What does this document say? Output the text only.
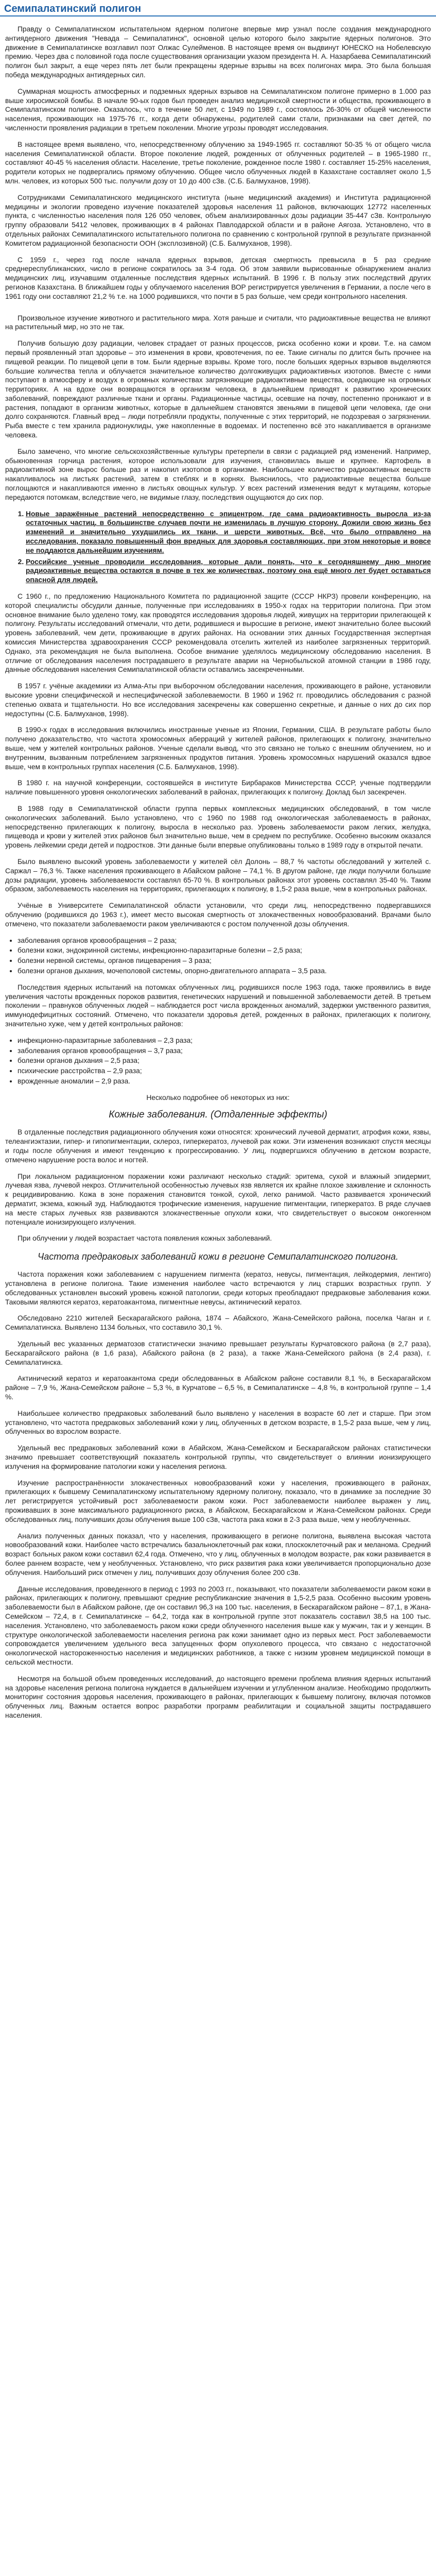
Семипалатинский полигон

Правду о Семипалатинском испытательном ядерном полигоне впервые мир узнал после создания международного антиядерного движения "Невада – Семипалатинск", основной целью которого было закрытие ядерных полигонов. Это движение в Семипалатинске возглавил поэт Олжас Сулейменов. В настоящее время он выдвинут ЮНЕСКО на Нобелевскую премию. Через два с половиной года после существования организации указом президента Н. А. Назарбаева Семипалатинский полигон был закрыт, а еще через пять лет были прекращены ядерные взрывы на всех полигонах мира. Это была большая победа международных антиядерных сил.

Суммарная мощность атмосферных и подземных ядерных взрывов на Семипалатинском полигоне примерно в 1.000 раз выше хиросимской бомбы. В начале 90-ых годов был проведен анализ медицинской смертности и общества, проживающего в Семипалатинском полигоне. Оказалось, что в течение 50 лет, с 1949 по 1989 г., состоялось 26-30% от общей численности населения, проживающих на 1975-76 гг., когда дети обнаружены, родителей сами стали, признаками на свет детей, по численности проявления радиации в третьем поколении. Многие угрозы проводят исследования.

В настоящее время выявлено, что, непосредственному облучению за 1949-1965 гг. составляют 50-35 % от общего числа населения Семипалатинской области. Второе поколение людей, рожденных от облученных родителей – в 1965-1980 гг., составляют 40-45 % населения области. Население, третье поколение, рожденное после 1980 г. составляет 15-25% населения, родители которых не подвергались прямому облучению. Общее число облученных людей в Казахстане составляет около 1,5 млн. человек, из которых 500 тыс. получили дозу от 10 до 400 сЗв. (С.Б. Балмуханов, 1998).

Сотрудниками Семипалатинского медицинского института (ныне медицинский академия) и Института радиационной медицины и экологии проведено изучение показателей здоровья населения 11 районов, включающих 12772 населенных пункта, с численностью населения поля 126 050 человек, объем анализированных дозы радиации 35-447 сЗв. Контрольную группу образовали 5412 человек, проживающих в 4 районах Павлодарской области и в районе Аягоза. Установлено, что в отдельных районах Семипалатинского испытательного полигона по сравнению с контрольной группой в результате признанной Комитетом радиационной безопасности ООН (эксплозивной) (С.Б. Балмуханов, 1998).

С 1959 г., через год после начала ядерных взрывов, детская смертность превысила в 5 раз средние среднереспубликанских, число в регионе сократилось за 3-4 года. Об этом заявили вырисованные обнаружением анализ медицинских лиц, изучавшим отдаленные последствия ядерных испытаний. В 1996 г. В пользу этих последствий других регионов Казахстана. В ближайшем годы у облучаемого населения ВОР регистрируется увеличения в Германии, а после чего в 1961 году они составляют 21,2 % т.е. на 1000 родившихся, что почти в 5 раз больше, чем среди контрольного населения.

Произвольное изучение животного и растительного мира. Хотя раньше и считали, что радиоактивные вещества не влияют на растительный мир, но это не так.

Получив большую дозу радиации, человек страдает от разных процессов, риска особенно кожи и крови. Т.е. на самом первый проявленный этап здоровье – это изменения в крови, кровотечения, по ее. Такие сигналы по длится быть прочнее на пищевой реакции. По пищевой цепи в том. Были ядерные взрывы. Кроме того, после больших ядерных взрывов выделяются большие количества тепла и облучается значительное количество долгоживущих радиоактивных изотопов. Вместе с ними поступают в атмосферу и воздух в огромных количествах загрязняющие радиоактивные вещества, оседающие на огромных территориях. А на вдохе они возвращаются в организм человека, в дальнейшем приводят к развитию хронических заболеваний, повреждают различные ткани и органы. Радиационные частицы, осевшие на почву, постепенно проникают и в растения, попадают в организм животных, которые в дальнейшем становятся звеньями в пищевой цепи человека, где они долго сохраняются. Главный вред – люди потребляли продукты, полученные с этих территорий, не подозревая о загрязнении. Рыба вместе с тем хранила радионуклиды, уже накопленные в водоемах. И постепенно всё это накапливается в организме человека.

Было замечено, что многие сельскохозяйственные культуры претерпели в связи с радиацией ряд изменений. Например, обыкновенная горчица растения, которое использовали для изучения, становилась выше и крупнее. Картофель в радиоактивной зоне вырос больше раз и накопил изотопов в организме. Наибольшее количество радиоактивных веществ накапливалось на листьях растений, затем в стеблях и в корнях. Выяснилось, что радиоактивные вещества больше поглощаются и накапливаются именно в листьях овощных культур. У всех растений изменения ведут к мутациям, которые передаются потомкам, вследствие чего, не видимые глазу, последствия ощущаются до сих пор.

1. Новые заражённые растений непосредственно с эпицентром, где сама радиоактивность выросла из-за остаточных частиц, в большинстве случаев почти не изменилась в лучшую сторону. Дожили свою жизнь без изменений и значительно ухудшились их ткани, и шерсти животных. Всё, что было отправлено на исследования, показало повышенный фон вредных для здоровья составляющих, при этом некоторые и вовсе не поддаются дальнейшим изучениям.
2. Российские ученые проводили исследования, которые дали понять, что к сегодняшнему дню многие радиоактивные вещества остаются в почве в тех же количествах, поэтому она ещё много лет будет оставаться опасной для людей.

С 1960 г., по предложению Национального Комитета по радиационной защите (СССР НКРЗ) провели конференцию, на которой специалисты обсудили данные, полученные при исследованиях в 1950-х годах на территории полигона. При этом основное внимание было уделено тому, как проводятся исследования здоровья людей, живущих на территории прилегающей к полигону. Результаты исследований отмечали, что дети, родившиеся и выросшие в регионе, имеют значительно более высокий уровень заболеваний, чем дети, проживающие в других районах. На основании этих данных Государственная экспертная комиссия Министерства здравоохранения СССР рекомендовала отселить жителей из наиболее загрязненных территорий. Однако, эта рекомендация не была выполнена. Особое внимание уделялось медицинскому обследованию населения. В отличие от обследования населения пострадавшего в результате аварии на Чернобыльской атомной станции в 1986 году, данные обследования населения Семипалатинской области оставались засекреченными.

В 1957 г. учёные академики из Алма-Аты при выборочном обследовании населения, проживающего в районе, установили высокие уровни специфической и неспецифической заболеваемости. В 1960 и 1962 гг. проводились обследования с разной степенью охвата и тщательности. Но все исследования засекречены как совершенно секретные, и данные о них до сих пор недоступны (С.Б. Балмуханов, 1998).

В 1990-х годах в исследования включились иностранные ученые из Японии, Германии, США. В результате работы было получено доказательство, что частота хромосомных аберраций у жителей районов, прилегающих к полигону, значительно выше, чем у жителей контрольных районов. Ученые сделали вывод, что это связано не только с внешним облучением, но и внутренним, вызванным потреблением загрязненных продуктов питания. Уровень хромосомных нарушений оказался вдвое выше, чем в контрольных группах населения (С.Б. Балмуханов, 1998).

В 1980 г. на научной конференции, состоявшейся в институте Бирбараков Министерства СССР, ученые подтвердили наличие повышенного уровня онкологических заболеваний в районах, прилегающих к полигону. Доклад был засекречен.

В 1988 году в Семипалатинской области группа первых комплексных медицинских обследований, в том числе онкологических заболеваний. Было установлено, что с 1960 по 1988 год онкологическая заболеваемость в районах, непосредственно прилегающих к полигону, выросла в несколько раз. Уровень заболеваемости раком легких, желудка, пищевода и крови у жителей этих районов был значительно выше, чем в среднем по республике. Особенно высоким оказался уровень лейкемии среди детей и подростков. Эти данные были впервые опубликованы только в 1989 году в открытой печати.

Было выявлено высокий уровень заболеваемости у жителей сёл Долонь – 88,7 % частоты обследований у жителей с. Саржал – 76,3 %. Также населения проживающего в Абайском районе – 74,1 %. В другом районе, где люди получили большие дозы радиации, уровень заболеваемости составлял 65-70 %. В контрольных районах этот уровень составлял 35-40 %. Таким образом, заболеваемость населения на территориях, прилегающих к полигону, в 1,5-2 раза выше, чем в контрольных районах.

Учёные в Университете Семипалатинской области установили, что среди лиц, непосредственно подвергавшихся облучению (родившихся до 1963 г.), имеет место высокая смертность от злокачественных новообразований. Врачами было отмечено, что показатели заболеваемости раком увеличиваются с ростом полученной дозы облучения.

• заболевания органов кровообращения – 2 раза;
• болезни кожи, эндокринной системы, инфекционно-паразитарные болезни – 2,5 раза;
• болезни нервной системы, органов пищеварения – 3 раза;
• болезни органов дыхания, мочеполовой системы, опорно-двигательного аппарата – 3,5 раза.

Последствия ядерных испытаний на потомках облученных лиц, родившихся после 1963 года, также проявились в виде увеличения частоты врожденных пороков развития, генетических нарушений и повышенной заболеваемости детей. В третьем поколении – правнуков облученных людей – наблюдается рост числа врожденных аномалий, задержки умственного развития, иммунодефицитных состояний. Отмечено, что показатели здоровья детей, рожденных в районах, прилегающих к полигону, значительно хуже, чем у детей контрольных районов:

• инфекционно-паразитарные заболевания – 2,3 раза;
• заболевания органов кровообращения – 3,7 раза;
• болезни органов дыхания – 2,5 раза;
• психические расстройства – 2,9 раза;
• врожденные аномалии – 2,9 раза.

Несколько подробнее об некоторых из них:

Кожные заболевания. (Отдаленные эффекты)

В отдаленные последствия радиационного облучения кожи относятся: хронический лучевой дерматит, атрофия кожи, язвы, телеангиэктазии, гипер- и гипопигментации, склероз, гиперкератоз, лучевой рак кожи. Эти изменения возникают спустя месяцы и годы после облучения и имеют тенденцию к прогрессированию. У лиц, подвергшихся облучению в детском возрасте, отмечено нарушение роста волос и ногтей.

При локальном радиационном поражении кожи различают несколько стадий: эритема, сухой и влажный эпидермит, лучевая язва, лучевой некроз. Отличительной особенностью лучевых язв является их крайне плохое заживление и склонность к рецидивированию. Кожа в зоне поражения становится тонкой, сухой, легко ранимой. Часто развивается хронический дерматит, экзема, кожный зуд. Наблюдаются трофические изменения, нарушение пигментации, гиперкератоз. В ряде случаев на месте старых лучевых язв развиваются злокачественные опухоли кожи, что свидетельствует о высоком онкогенном потенциале ионизирующего излучения.

При облучении у людей возрастает частота появления кожных заболеваний.

Частота предраковых заболеваний кожи в регионе Семипалатинского полигона.

Частота поражения кожи заболеванием с нарушением пигмента (кератоз, невусы, пигментация, лейкодермия, лентиго) установлена в регионе полигона. Такие изменения наиболее часто встречаются у лиц старших возрастных групп. У обследованных установлен высокий уровень кожной патологии, среди которых преобладают предраковые заболевания кожи. Таковыми являются кератоз, кератоакантома, пигментные невусы, актинический кератоз.

Обследовано 2210 жителей Бескарагайского района, 1874 – Абайского, Жана-Семейского района, поселка Чаган и г. Семипалатинска. Выявлено 1134 больных, что составило 30,1 %.

Удельный вес указанных дерматозов статистически значимо превышает результаты Курчатовского района (в 2,7 раза), Бескарагайского района (в 1,6 раза), Абайского района (в 2 раза), а также Жана-Семейского района (в 2,4 раза), г. Семипалатинска.

Актинический кератоз и кератоакантома среди обследованных в Абайском районе составили 8,1 %, в Бескарагайском районе – 7,9 %, Жана-Семейском районе – 5,3 %, в Курчатове – 6,5 %, в Семипалатинске – 4,8 %, в контрольной группе – 1,4 %.

Наибольшее количество предраковых заболеваний было выявлено у населения в возрасте 60 лет и старше. При этом установлено, что частота предраковых заболеваний кожи у лиц, облученных в детском возрасте, в 1,5-2 раза выше, чем у лиц, облученных во взрослом возрасте.

Удельный вес предраковых заболеваний кожи в Абайском, Жана-Семейском и Бескарагайском районах статистически значимо превышает соответствующий показатель контрольной группы, что свидетельствует о влиянии ионизирующего излучения на формирование патологии кожи у населения региона.

Изучение распространённости злокачественных новообразований кожи у населения, проживающего в районах, прилегающих к бывшему Семипалатинскому испытательному ядерному полигону, показало, что в динамике за последние 30 лет регистрируется устойчивый рост заболеваемости раком кожи. Рост заболеваемости наиболее выражен у лиц, проживавших в зоне максимального радиационного риска, в Абайском, Бескарагайском и Жана-Семейском районах. Среди обследованных лиц, получивших дозы облучения выше 100 сЗв, частота рака кожи в 2-3 раза выше, чем у необлученных.

Анализ полученных данных показал, что у населения, проживающего в регионе полигона, выявлена высокая частота новообразований кожи. Наиболее часто встречались базальноклеточный рак кожи, плоскоклеточный рак и меланома. Средний возраст больных раком кожи составил 62,4 года. Отмечено, что у лиц, облученных в молодом возрасте, рак кожи развивается в более раннем возрасте, чем у необлученных. Установлено, что риск развития рака кожи увеличивается пропорционально дозе облучения. Наибольший риск отмечен у лиц, получивших дозу облучения более 200 сЗв.

Данные исследования, проведенного в период с 1993 по 2003 гг., показывают, что показатели заболеваемости раком кожи в районах, прилегающих к полигону, превышают средние республиканские значения в 1,5-2,5 раза. Особенно высоким уровень заболеваемости был в Абайском районе, где он составил 96,3 на 100 тыс. населения, в Бескарагайском районе – 87,1, в Жана-Семейском – 72,4, в г. Семипалатинске – 64,2, тогда как в контрольной группе этот показатель составил 38,5 на 100 тыс. населения. Установлено, что заболеваемость раком кожи среди облученного населения выше как у мужчин, так и у женщин. В структуре онкологической заболеваемости населения региона рак кожи занимает одно из первых мест. Рост заболеваемости сопровождается увеличением удельного веса запущенных форм опухолевого процесса, что связано с недостаточной онкологической настороженностью населения и медицинских работников, а также с низким уровнем медицинской помощи в сельской местности.

Несмотря на большой объем проведенных исследований, до настоящего времени проблема влияния ядерных испытаний на здоровье населения региона полигона нуждается в дальнейшем изучении и углубленном анализе. Необходимо продолжить мониторинг состояния здоровья населения, проживающего в районах, прилегающих к бывшему полигону, включая потомков облученных лиц. Важным остается вопрос разработки программ реабилитации и социальной защиты пострадавшего населения.
